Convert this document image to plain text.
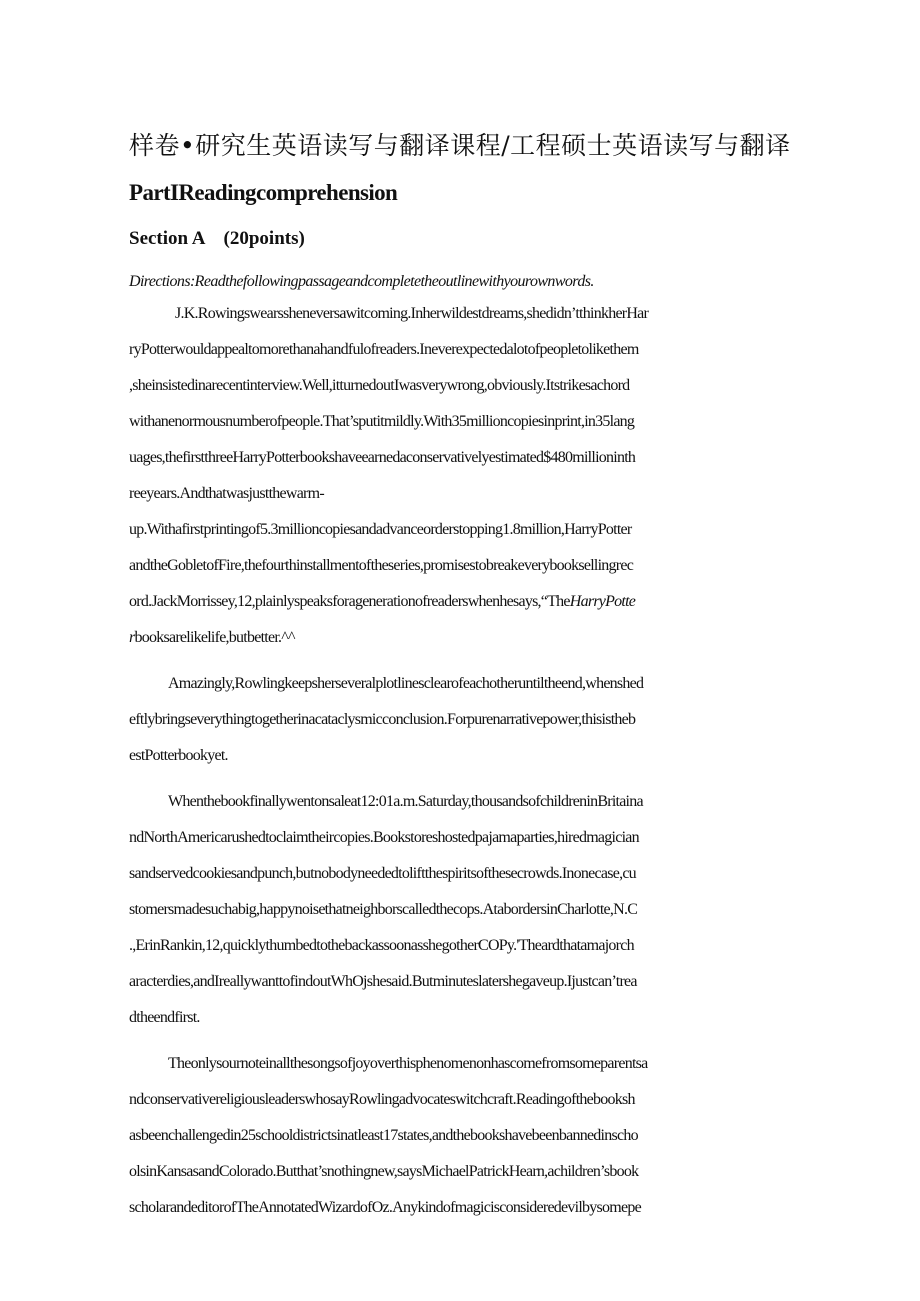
样卷•研究生英语读写与翻译课程/工程硕士英语读写与翻译
PartIReadingcomprehension
Section A (20points)
Directions:Readthefollowingpassageandcompletetheoutlinewithyourownwords.
J.K.Rowingswearssheneversawitcoming.Inherwildestdreams,shedidn’tthinkherHar
ryPotterwouldappealtomorethanahandfulofreaders.Ineverexpectedalotofpeopletolikethem
,sheinsistedinarecentinterview.Well,itturnedoutIwasverywrong,obviously.Itstrikesachord
withanenormousnumberofpeople.That’sputitmildly.With35millioncopiesinprint,in35lang
uages,thefirstthreeHarryPotterbookshaveearnedaconservativelyestimated$480millioninth
reeyears.Andthatwasjustthewarm-
up.Withafirstprintingof5.3millioncopiesandadvanceorderstopping1.8million,HarryPotter
andtheGobletofFire,thefourthinstallmentoftheseries,promisestobreakeverybooksellingrec
ord.JackMorrissey,12,plainlyspeaksforagenerationofreaderswhenhesays,“TheHarryPotte
rbooksarelikelife,butbetter.^^
Amazingly,Rowlingkeepsherseveralplotlinesclearofeachotheruntiltheend,whenshed
eftlybringseverythingtogetherinacataclysmicconclusion.Forpurenarrativepower,thisistheb
estPotterbookyet.
Whenthebookfinallywentonsaleat12:01a.m.Saturday,thousandsofchildreninBritaina
ndNorthAmericarushedtoclaimtheircopies.Bookstoreshostedpajamaparties,hiredmagician
sandservedcookiesandpunch,butnobodyneededtoliftthespiritsofthesecrowds.Inonecase,cu
stomersmadesuchabig,happynoisethatneighborscalledthecops.AtabordersinCharlotte,N.C
.,ErinRankin,12,quicklythumbedtothebackassoonasshegotherCOPy.'Theardthatamajorch
aracterdies,andIreallywanttofindoutWhOjshesaid.Butminuteslatershegaveup.Ijustcan’trea
dtheendfirst.
Theonlysournoteinallthesongsofjoyoverthisphenomenonhascomefromsomeparentsa
ndconservativereligiousleaderswhosayRowlingadvocateswitchcraft.Readingofthebooksh
asbeenchallengedin25schooldistrictsinatleast17states,andthebookshavebeenbannedinscho
olsinKansasandColorado.Butthat’snothingnew,saysMichaelPatrickHearn,achildren’sbook
scholarandeditorofTheAnnotatedWizardofOz.Anykindofmagicisconsideredevilbysomepe
